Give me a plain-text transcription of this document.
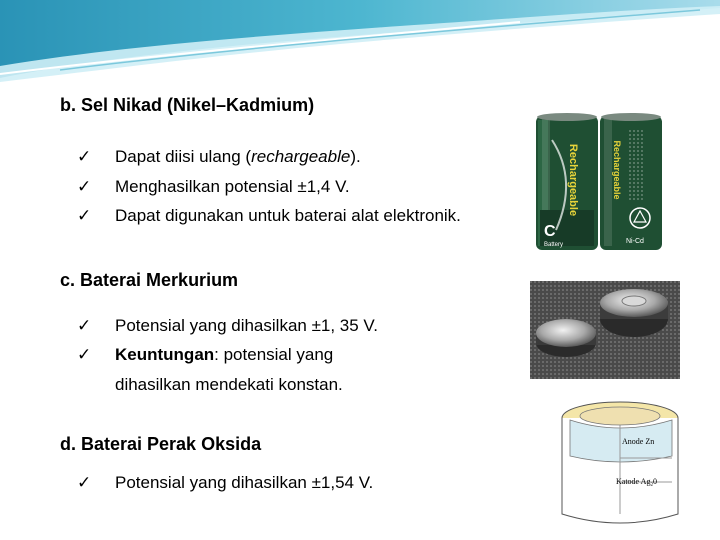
b. Sel Nikad (Nikel–Kadmium)
✓ Dapat diisi ulang (rechargeable).
✓ Menghasilkan potensial ±1,4 V.
✓ Dapat digunakan untuk baterai alat elektronik.	Rechargeable
C
Battery
Rechargeable
Ni-Cd
c. Baterai Merkurium
✓ Potensial yang dihasilkan ±1, 35 V.
✓ Keuntungan: potensial yang
dihasilkan mendekati konstan.
d. Baterai Perak Oksida
✓ Potensial yang dihasilkan ±1,54 V.
Anode Zn
Katode $Ag_20$
